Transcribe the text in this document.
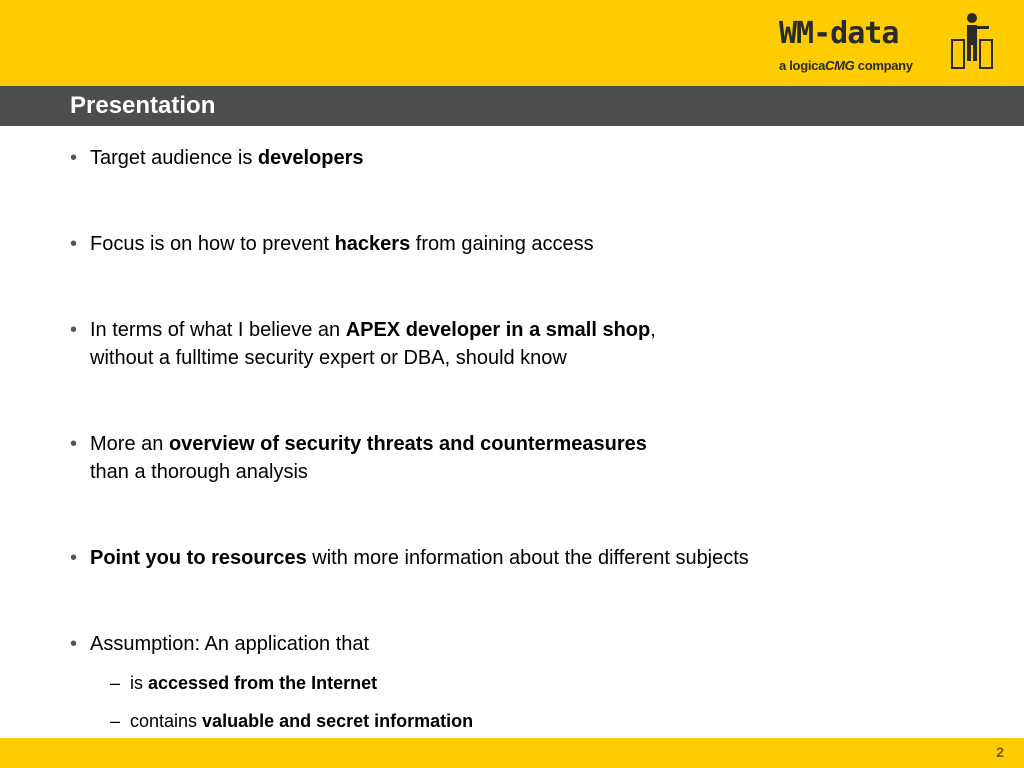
WM-data
a logicaCMG company
Presentation
• Target audience is developers
• Focus is on how to prevent hackers from gaining access
• In terms of what I believe an APEX developer in a small shop,
without a fulltime security expert or DBA, should know
• More an overview of security threats and countermeasures
than a thorough analysis
• Point you to resources with more information about the different subjects
• Assumption: An application that
– is accessed from the Internet
– contains valuable and secret information
2
